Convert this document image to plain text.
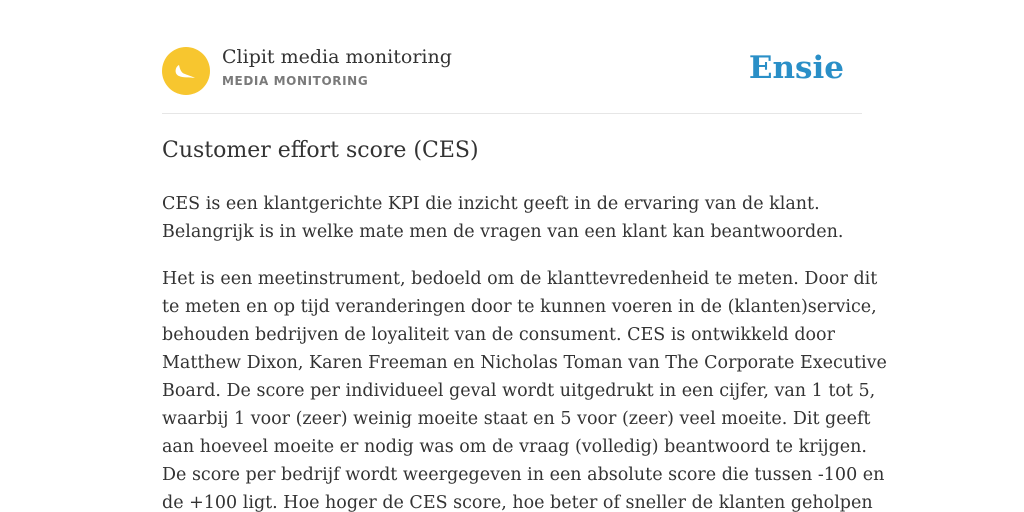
Clipit media monitoring
MEDIA MONITORING	Ensie
Customer effort score (CES)

CES is een klantgerichte KPI die inzicht geeft in de ervaring van de klant.
Belangrijk is in welke mate men de vragen van een klant kan beantwoorden.

Het is een meetinstrument, bedoeld om de klanttevredenheid te meten. Door dit
te meten en op tijd veranderingen door te kunnen voeren in de (klanten)service,
behouden bedrijven de loyaliteit van de consument. CES is ontwikkeld door
Matthew Dixon, Karen Freeman en Nicholas Toman van The Corporate Executive
Board. De score per individueel geval wordt uitgedrukt in een cijfer, van 1 tot 5,
waarbij 1 voor (zeer) weinig moeite staat en 5 voor (zeer) veel moeite. Dit geeft
aan hoeveel moeite er nodig was om de vraag (volledig) beantwoord te krijgen.
De score per bedrijf wordt weergegeven in een absolute score die tussen -100 en
de +100 ligt. Hoe hoger de CES score, hoe beter of sneller de klanten geholpen
